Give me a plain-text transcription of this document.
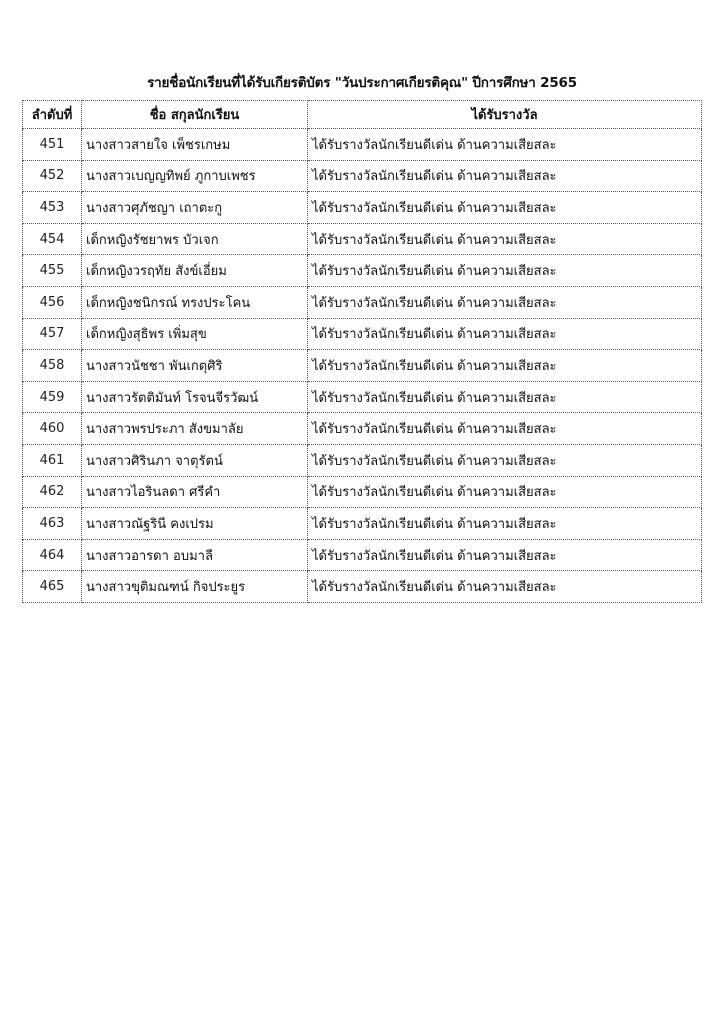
รายชื่อนักเรียนที่ได้รับเกียรติบัตร "วันประกาศเกียรติคุณ" ปีการศึกษา 2565
ลำดับที่	ชื่อ สกุลนักเรียน	ได้รับรางวัล
451	นางสาวสายใจ เพ็ชรเกษม	ได้รับรางวัลนักเรียนดีเด่น ด้านความเสียสละ
452	นางสาวเบญญทิพย์ ภูกาบเพชร	ได้รับรางวัลนักเรียนดีเด่น ด้านความเสียสละ
453	นางสาวศุภัชญา เถาตะกู	ได้รับรางวัลนักเรียนดีเด่น ด้านความเสียสละ
454	เด็กหญิงรัชยาพร บัวเจก	ได้รับรางวัลนักเรียนดีเด่น ด้านความเสียสละ
455	เด็กหญิงวรฤทัย สังข์เอี่ยม	ได้รับรางวัลนักเรียนดีเด่น ด้านความเสียสละ
456	เด็กหญิงชนิกรณ์ ทรงประโคน	ได้รับรางวัลนักเรียนดีเด่น ด้านความเสียสละ
457	เด็กหญิงสุธิพร เพิ่มสุข	ได้รับรางวัลนักเรียนดีเด่น ด้านความเสียสละ
458	นางสาวนัชชา พันเกตุศิริ	ได้รับรางวัลนักเรียนดีเด่น ด้านความเสียสละ
459	นางสาวรัตติมันท์ โรจนจีรวัฒน์	ได้รับรางวัลนักเรียนดีเด่น ด้านความเสียสละ
460	นางสาวพรประภา สังขมาลัย	ได้รับรางวัลนักเรียนดีเด่น ด้านความเสียสละ
461	นางสาวศิรินภา จาตุรัตน์	ได้รับรางวัลนักเรียนดีเด่น ด้านความเสียสละ
462	นางสาวไอรินลดา ศรีคำ	ได้รับรางวัลนักเรียนดีเด่น ด้านความเสียสละ
463	นางสาวณัฐรินี คงเปรม	ได้รับรางวัลนักเรียนดีเด่น ด้านความเสียสละ
464	นางสาวอารดา อบมาลี	ได้รับรางวัลนักเรียนดีเด่น ด้านความเสียสละ
465	นางสาวขุติมณฑน์ กิจประยูร	ได้รับรางวัลนักเรียนดีเด่น ด้านความเสียสละ
